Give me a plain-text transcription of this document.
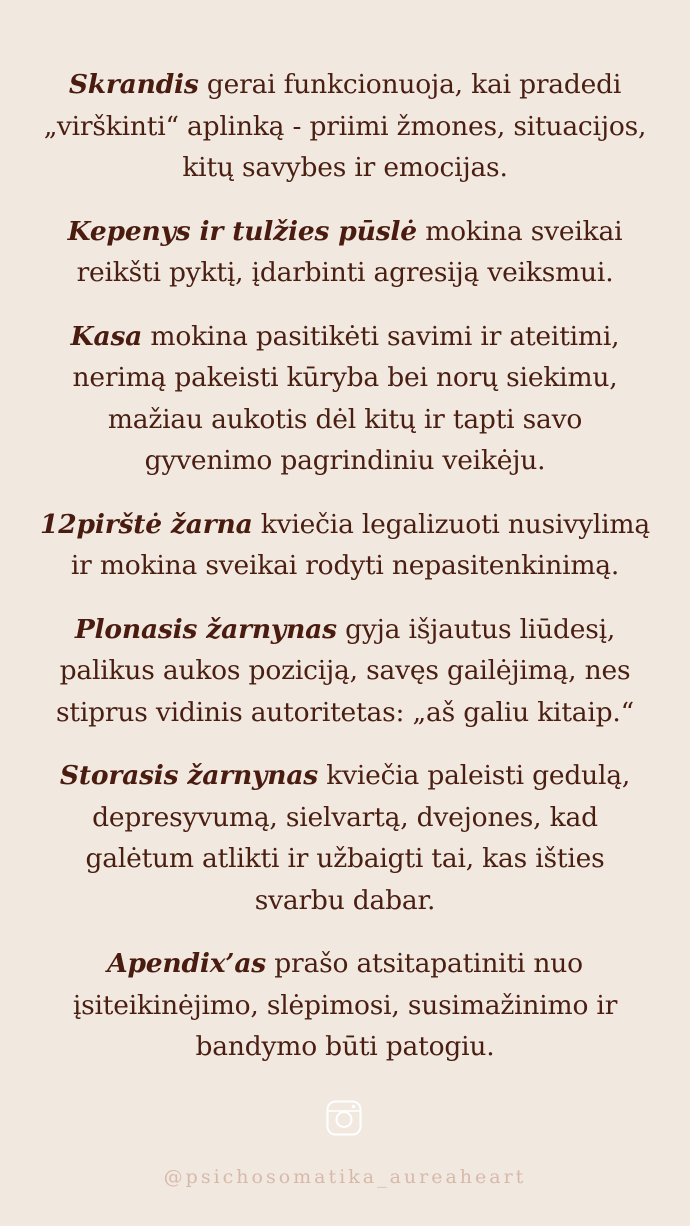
Skrandis gerai funkcionuoja, kai pradedi
„virškinti“ aplinką - priimi žmones, situacijos,
kitų savybes ir emocijas.

Kepenys ir tulžies pūslė mokina sveikai
reikšti pyktį, įdarbinti agresiją veiksmui.

Kasa mokina pasitikėti savimi ir ateitimi,
nerimą pakeisti kūryba bei norų siekimu,
mažiau aukotis dėl kitų ir tapti savo
gyvenimo pagrindiniu veikėju.

12pirštė žarna kviečia legalizuoti nusivylimą
ir mokina sveikai rodyti nepasitenkinimą.

Plonasis žarnynas gyja išjautus liūdesį,
palikus aukos poziciją, savęs gailėjimą, nes
stiprus vidinis autoritetas: „aš galiu kitaip.“

Storasis žarnynas kviečia paleisti gedulą,
depresyvumą, sielvartą, dvejones, kad
galėtum atlikti ir užbaigti tai, kas išties
svarbu dabar.

Apendix’as prašo atsitapatiniti nuo
įsiteikinėjimo, slėpimosi, susimažinimo ir
bandymo būti patogiu.

@psichosomatika_aureaheart
